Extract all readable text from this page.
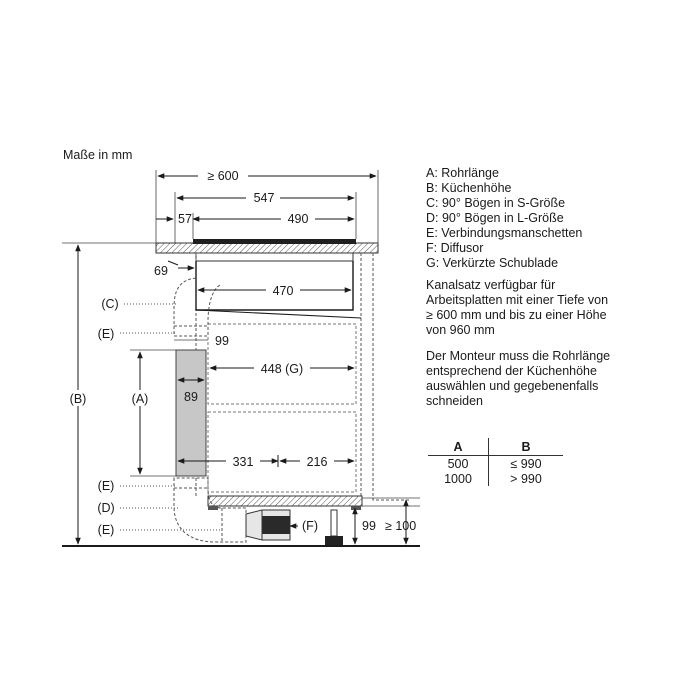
Maße in mm
≥ 600
547
57	490
69
470
99
448 (G)
89
331	216
(A)
(B)
(C)
(E)
(E)
(D)
(E)	(F)	99 ≥ 100
A: Rohrlänge
B: Küchenhöhe
C: 90° Bögen in S-Größe
D: 90° Bögen in L-Größe
E: Verbindungsmanschetten
F: Diffusor
G: Verkürzte Schublade
Kanalsatz verfügbar für
Arbeitsplatten mit einer Tiefe von
≥ 600 mm und bis zu einer Höhe
von 960 mm
Der Monteur muss die Rohrlänge
entsprechend der Küchenhöhe
auswählen und gegebenenfalls
schneiden
A	B
500	≤ 990
1000	> 990
